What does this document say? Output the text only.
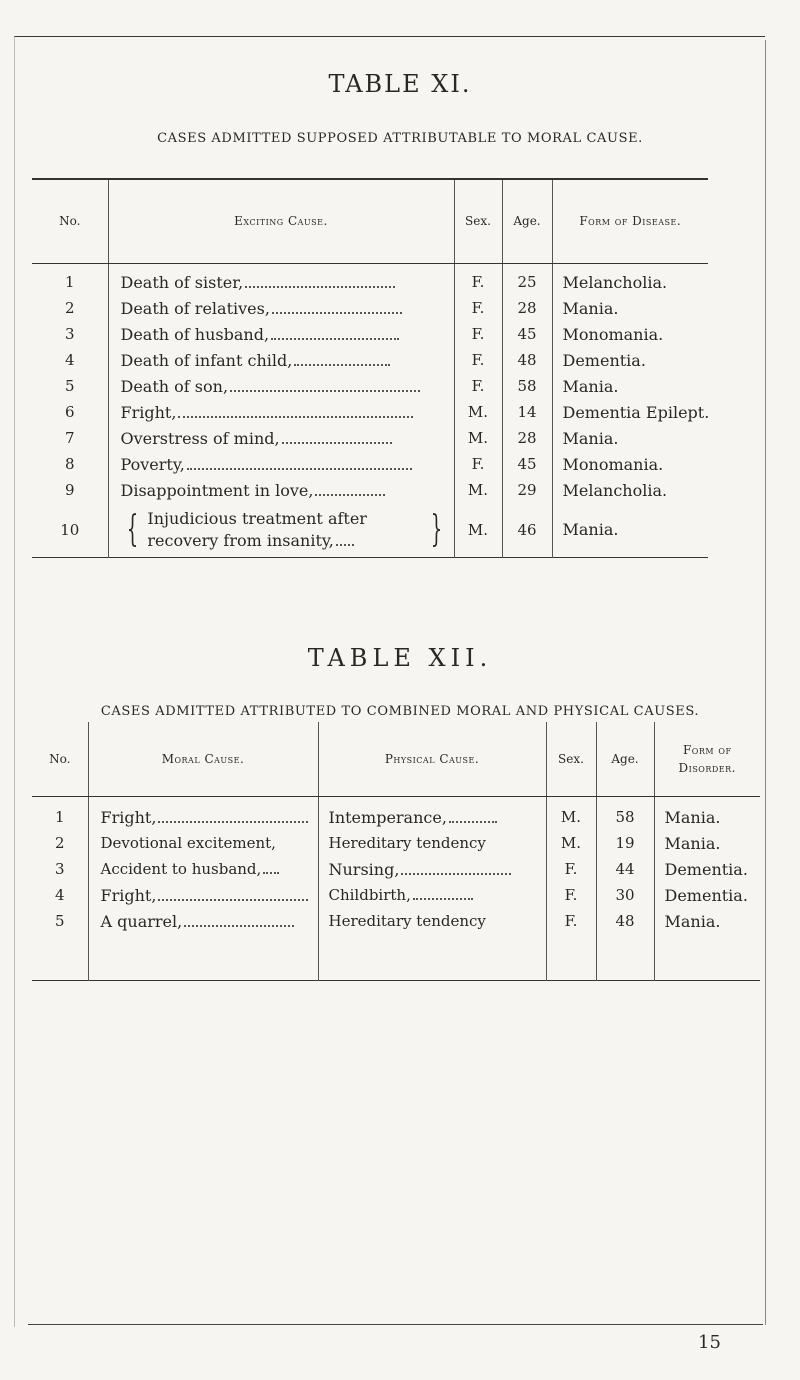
TABLE XI.
CASES ADMITTED SUPPOSED ATTRIBUTABLE TO MORAL CAUSE.
No.	Exciting Cause.	Sex.	Age.	Form of Disease.

1	Death of sister,	F.	25	Melancholia.
2	Death of relatives,	F.	28	Mania.
3	Death of husband,	F.	45	Monomania.
4	Death of infant child,	F.	48	Dementia.
5	Death of son,	F.	58	Mania.
6	Fright,	M.	14	Dementia Epilept.
7	Overstress of mind,	M.	28	Mania.
8	Poverty,	F.	45	Monomania.
9	Disappointment in love,	M.	29	Melancholia.
10	{ Injudicious treatment after
recovery from insanity, }	M.	46	Mania.
TABLE XII.
CASES ADMITTED ATTRIBUTED TO COMBINED MORAL AND PHYSICAL CAUSES.
No.	Moral Cause.	Physical Cause.	Sex.	Age.	Form of
Disorder.

1	Fright,	Intemperance,	M.	58	Mania.
2	Devotional excitement,	Hereditary tendency	M.	19	Mania.
3	Accident to husband,	Nursing,	F.	44	Dementia.
4	Fright,	Childbirth,	F.	30	Dementia.
5	A quarrel,	Hereditary tendency	F.	48	Mania.

15
